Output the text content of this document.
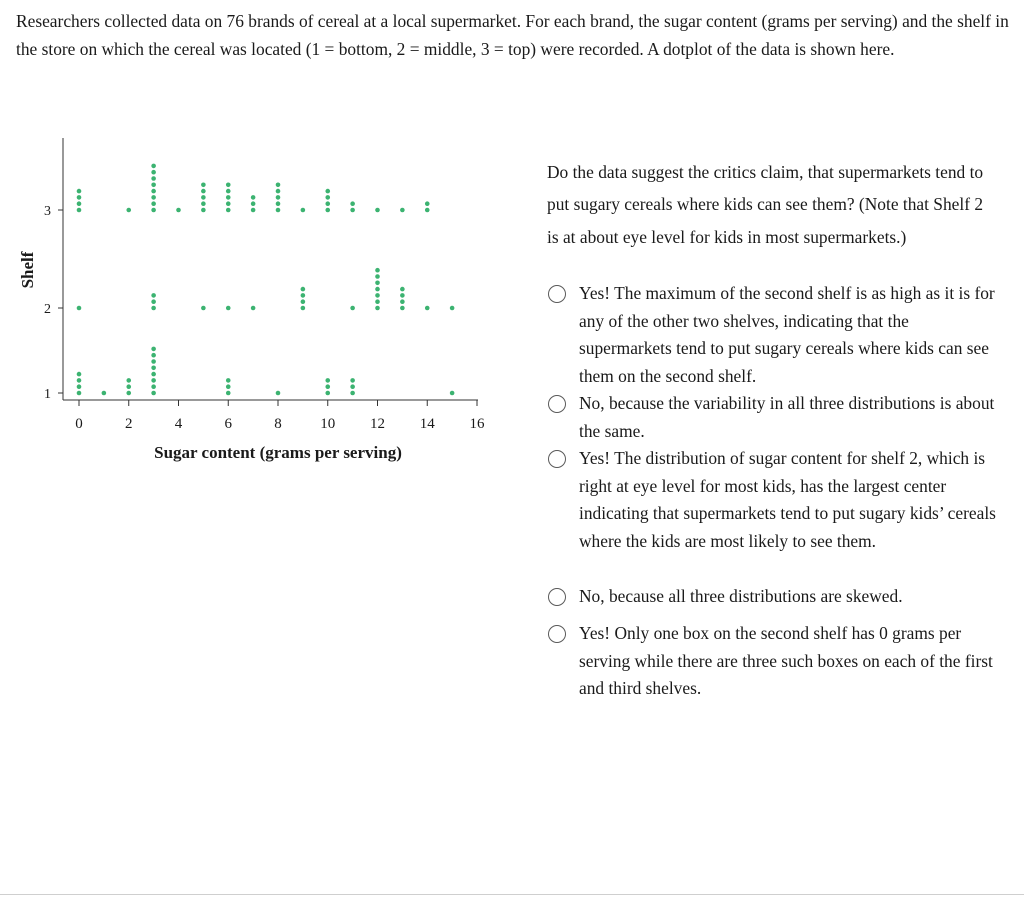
Researchers collected data on 76 brands of cereal at a local supermarket. For each brand, the sugar content (grams per serving) and the shelf in the store on which the cereal was located (1 = bottom, 2 = middle, 3 = top) were recorded. A dotplot of the data is shown here.

0	2	4	6	8	10 12 14 16
1
2
3
Sugar content (grams per serving)
Shelf

Do the data suggest the critics claim, that supermarkets tend to put sugary cereals where kids can see them? (Note that Shelf 2 is at about eye level for kids in most supermarkets.)

Yes! The maximum of the second shelf is as high as it is for any of the other two shelves, indicating that the supermarkets tend to put sugary cereals where kids can see them on the second shelf.
No, because the variability in all three distributions is about the same.
Yes! The distribution of sugar content for shelf 2, which is right at eye level for most kids, has the largest center indicating that supermarkets tend to put sugary kids’ cereals where the kids are most likely to see them.
No, because all three distributions are skewed.
Yes! Only one box on the second shelf has 0 grams per serving while there are three such boxes on each of the first and third shelves.
